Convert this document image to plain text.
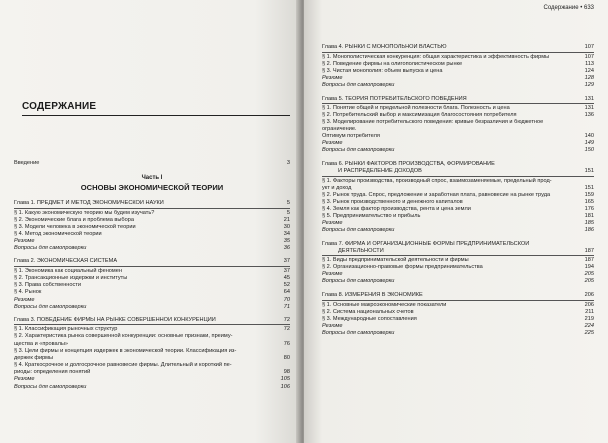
СОДЕРЖАНИЕ
Введение	3
Часть I
ОСНОВЫ ЭКОНОМИЧЕСКОЙ ТЕОРИИ
Глава 1. ПРЕДМЕТ И МЕТОД ЭКОНОМИЧЕСКОЙ НАУКИ	5
§ 1. Какую экономическую теорию мы будем изучать?	5
§ 2. Экономические блага и проблема выбора	21
§ 3. Модели человека в экономической теории	30
§ 4. Метод экономической теории	34
Резюме	35
Вопросы для самопроверки	36
Глава 2. ЭКОНОМИЧЕСКАЯ СИСТЕМА	37
§ 1. Экономика как социальный феномен	37
§ 2. Трансакционные издержки и институты	45
§ 3. Права собственности	52
§ 4. Рынок	64
Резюме	70
Вопросы для самопроверки	71
Глава 3. ПОВЕДЕНИЕ ФИРМЫ НА РЫНКЕ СОВЕРШЕННОЙ КОНКУРЕНЦИИ	72
§ 1. Классификация рыночных структур	72
§ 2. Характеристика рынка совершенной конкуренции: основные признаки, преиму-
щества и «провалы»	76
§ 3. Цели фирмы и концепция издержек в экономической теории. Классификация из-
держек фирмы	80
§ 4. Краткосрочное и долгосрочное равновесие фирмы. Длительный и короткий пе-
риоды: определения понятий	98
Резюме	105
Вопросы для самопроверки	106
Содержание • 633
Глава 4. РЫНКИ С МОНОПОЛЬНОЙ ВЛАСТЬЮ	107
§ 1. Монополистическая конкуренция: общая характеристика и эффективность фирмы	107
§ 2. Поведение фирмы на олигополистическом рынке	113
§ 3. Чистая монополия: объем выпуска и цена	124
Резюме	128
Вопросы для самопроверки	129
Глава 5. ТЕОРИЯ ПОТРЕБИТЕЛЬСКОГО ПОВЕДЕНИЯ	131
§ 1. Понятие общей и предельной полезности блага. Полезность и цена	131
§ 2. Потребительский выбор и максимизация благосостояния потребителя	136
§ 3. Моделирование потребительского поведения: кривые безразличия и бюджетное
ограничение.
Оптимум потребителя	140
Резюме	149
Вопросы для самопроверки	150
Глава 6. РЫНКИ ФАКТОРОВ ПРОИЗВОДСТВА, ФОРМИРОВАНИЕ
И РАСПРЕДЕЛЕНИЕ ДОХОДОВ	151
§ 1. Факторы производства, производный спрос, взаимозаменяемые, предельный прод-
укт и доход	151
§ 2. Рынок труда. Спрос, предложение и заработная плата, равновесие на рынке труда	159
§ 3. Рынок производственного и денежного капиталов	165
§ 4. Земля как фактор производства, рента и цена земли	176
§ 5. Предпринимательство и прибыль	181
Резюме	185
Вопросы для самопроверки	186
Глава 7. ФИРМА И ОРГАНИЗАЦИОННЫЕ ФОРМЫ ПРЕДПРИНИМАТЕЛЬСКОЙ
ДЕЯТЕЛЬНОСТИ	187
§ 1. Виды предпринимательской деятельности и фирмы	187
§ 2. Организационно-правовые формы предпринимательства	194
Резюме	205
Вопросы для самопроверки	205
Глава 8. ИЗМЕРЕНИЯ В ЭКОНОМИКЕ	206
§ 1. Основные макроэкономические показатели	206
§ 2. Система национальных счетов	211
§ 3. Международные сопоставления	219
Резюме	224
Вопросы для самопроверки	225
